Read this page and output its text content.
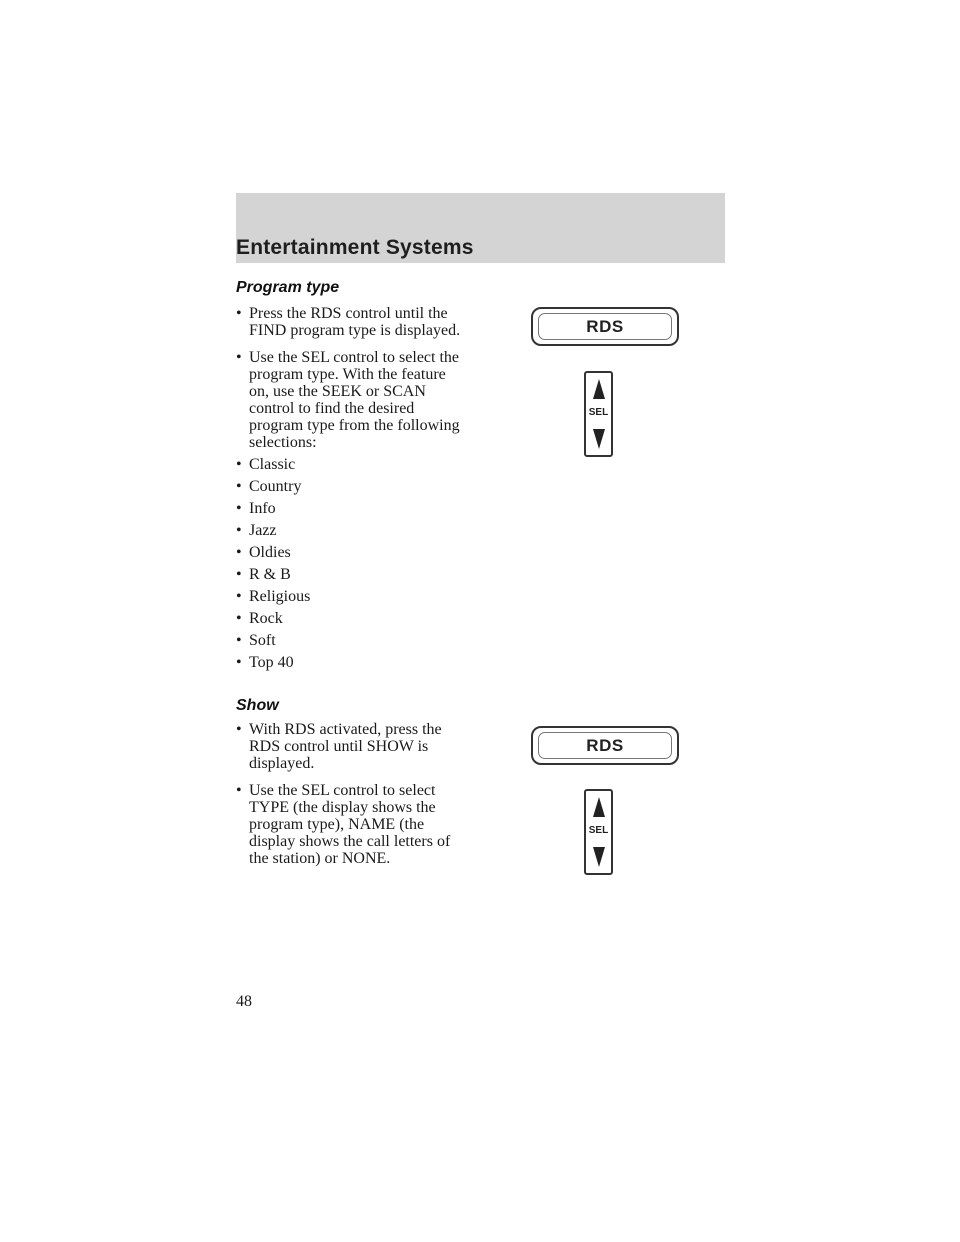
Entertainment Systems
Program type
• Press the RDS control until the
FIND program type is displayed.
• Use the SEL control to select the
program type. With the feature
on, use the SEEK or SCAN
control to find the desired
program type from the following
selections:
• Classic
• Country
• Info
• Jazz
• Oldies
• R & B
• Religious
• Rock
• Soft
• Top 40
Show
• With RDS activated, press the
RDS control until SHOW is
displayed.
• Use the SEL control to select
TYPE (the display shows the
program type), NAME (the
display shows the call letters of
the station) or NONE.
RDS
SEL
RDS
SEL
48
